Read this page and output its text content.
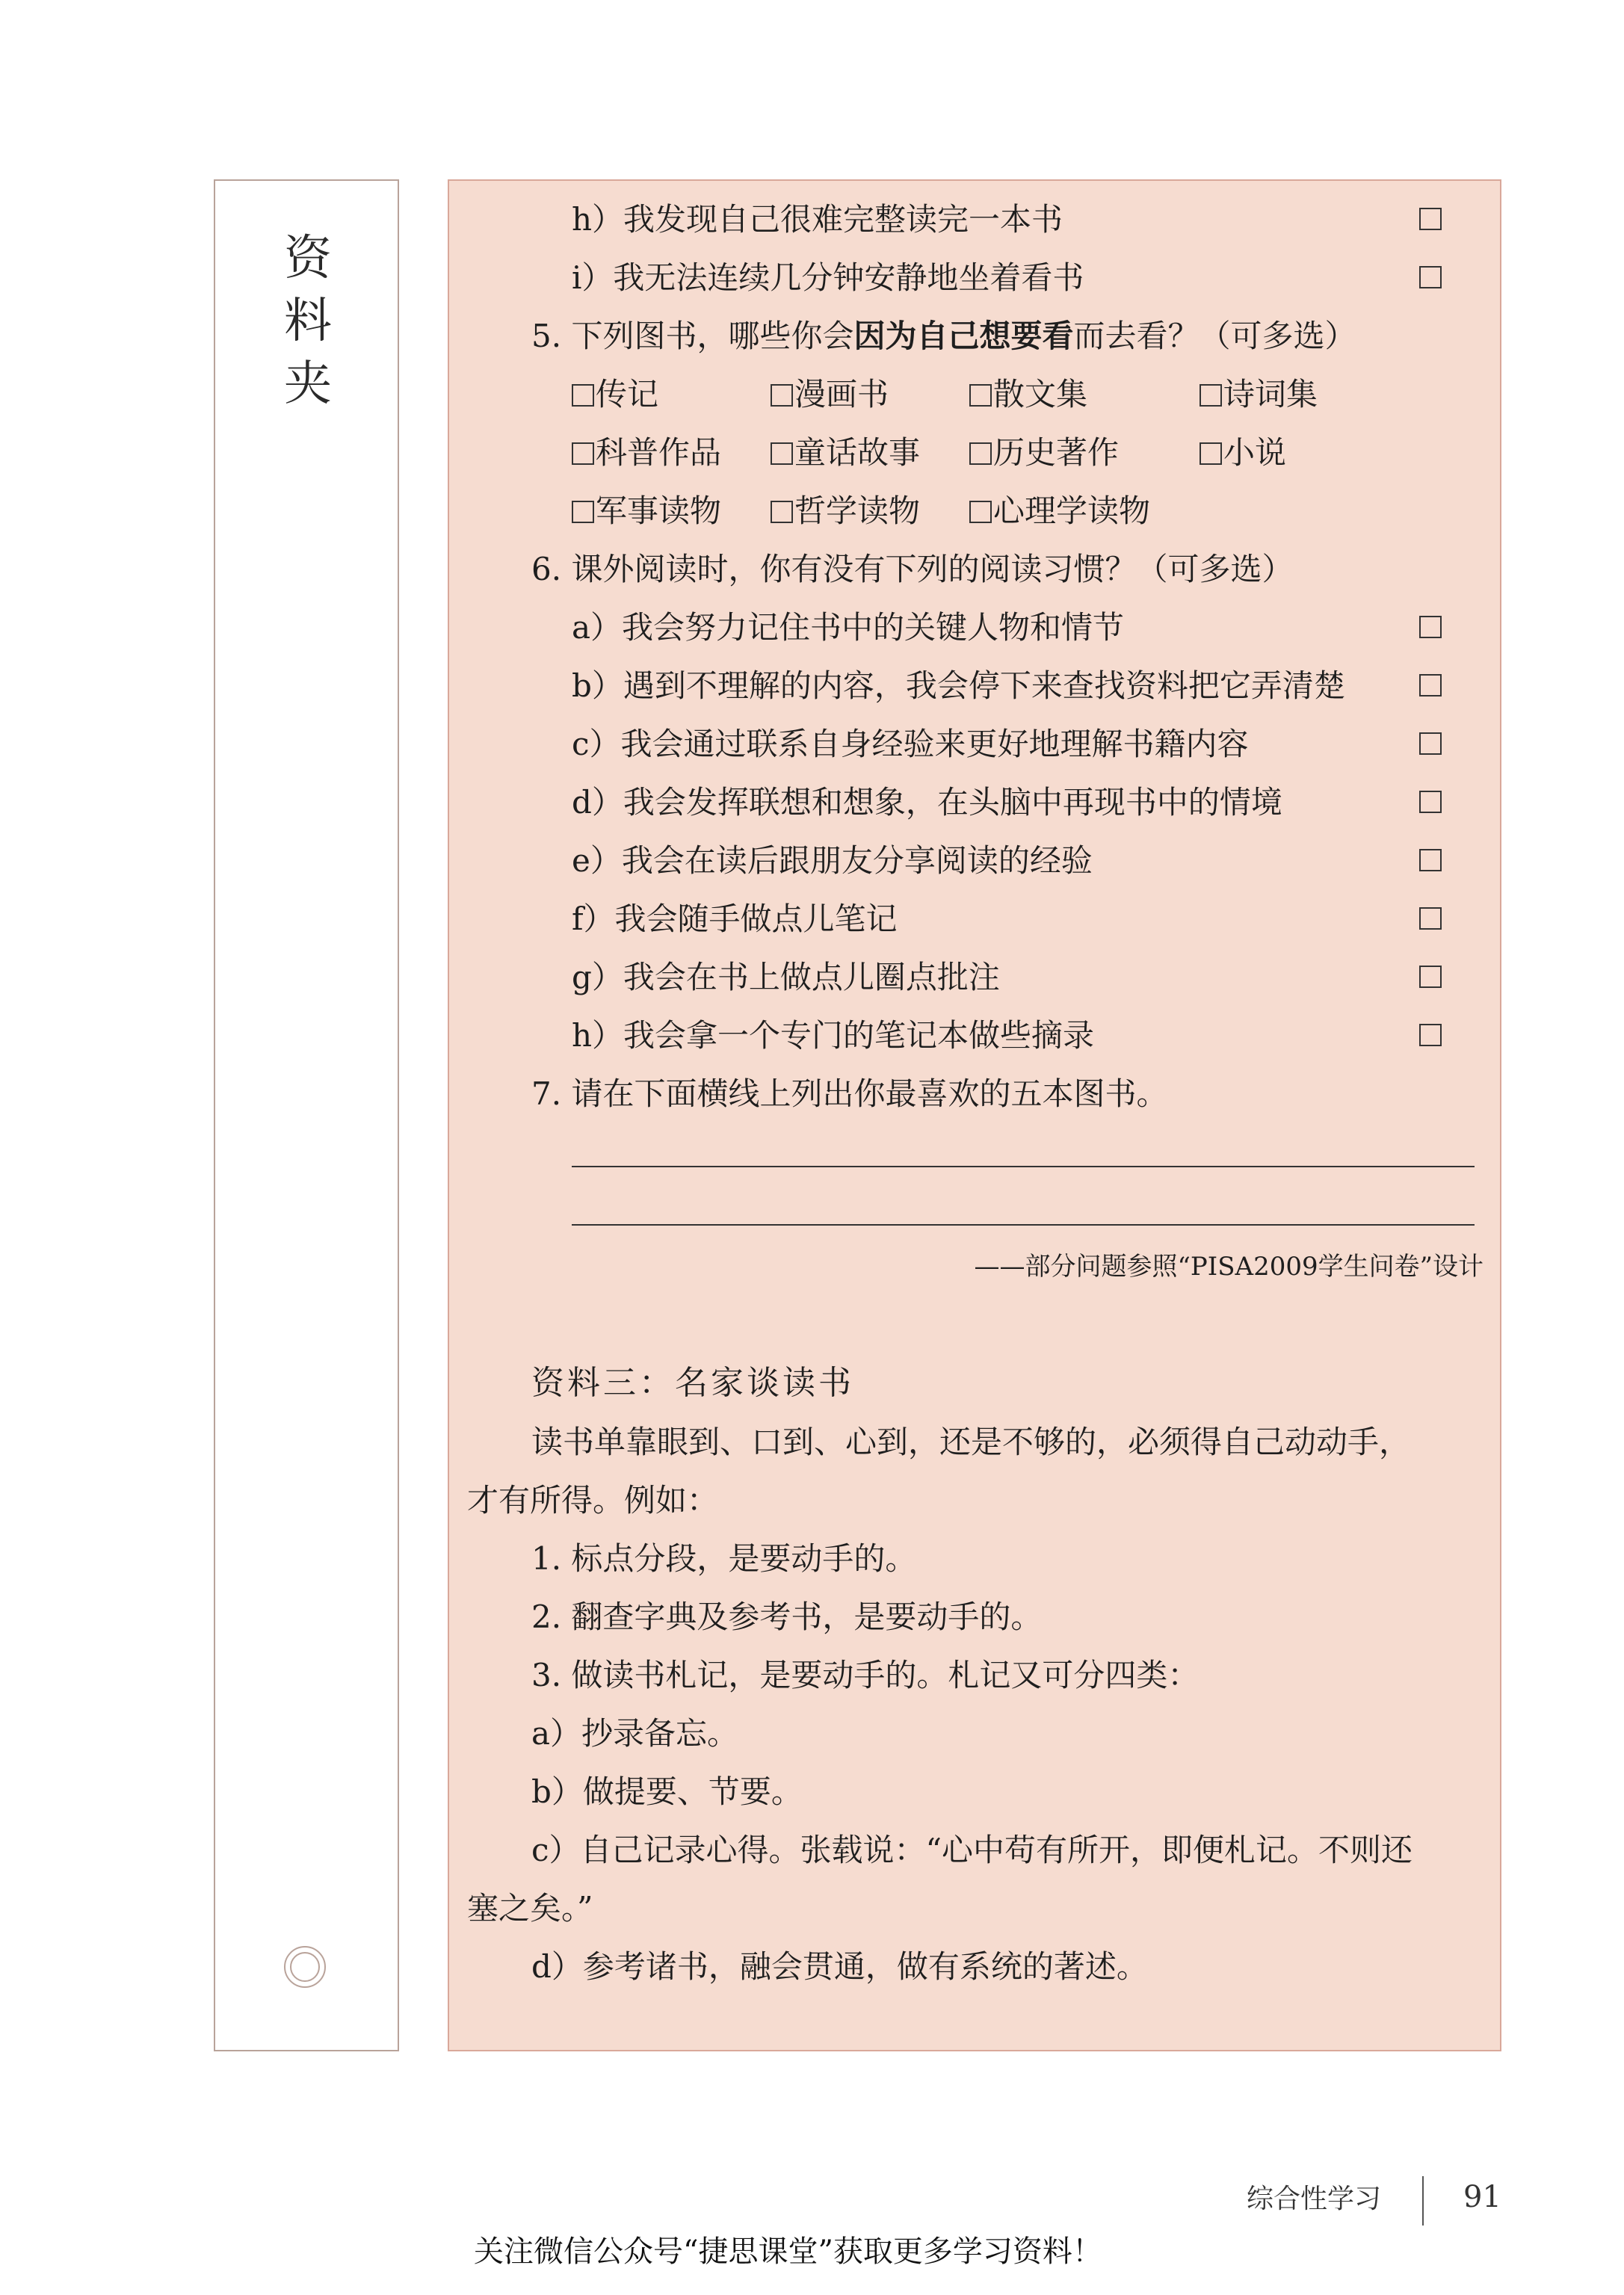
资料夹
h）我发现自己很难完整读完一本书
i）我无法连续几分钟安静地坐着看书
5. 下列图书，哪些你会因为自己想要看而去看？（可多选）
传记	漫画书	散文集	诗词集
科普作品	童话故事	历史著作	小说
军事读物	哲学读物	心理学读物
6. 课外阅读时，你有没有下列的阅读习惯？（可多选）
a）我会努力记住书中的关键人物和情节
b）遇到不理解的内容，我会停下来查找资料把它弄清楚
c）我会通过联系自身经验来更好地理解书籍内容
d）我会发挥联想和想象，在头脑中再现书中的情境
e）我会在读后跟朋友分享阅读的经验
f）我会随手做点儿笔记
g）我会在书上做点儿圈点批注
h）我会拿一个专门的笔记本做些摘录
7. 请在下面横线上列出你最喜欢的五本图书。
——部分问题参照“PISA2009学生问卷”设计
资料三：名家谈读书
读书单靠眼到、口到、心到，还是不够的，必须得自己动动手，
才有所得。例如：
1. 标点分段，是要动手的。
2. 翻查字典及参考书，是要动手的。
3. 做读书札记，是要动手的。札记又可分四类：
a）抄录备忘。
b）做提要、节要。
c）自己记录心得。张载说：“心中苟有所开，即便札记。不则还
塞之矣。”
d）参考诸书，融会贯通，做有系统的著述。
综合性学习	91
关注微信公众号“捷思课堂”获取更多学习资料！
